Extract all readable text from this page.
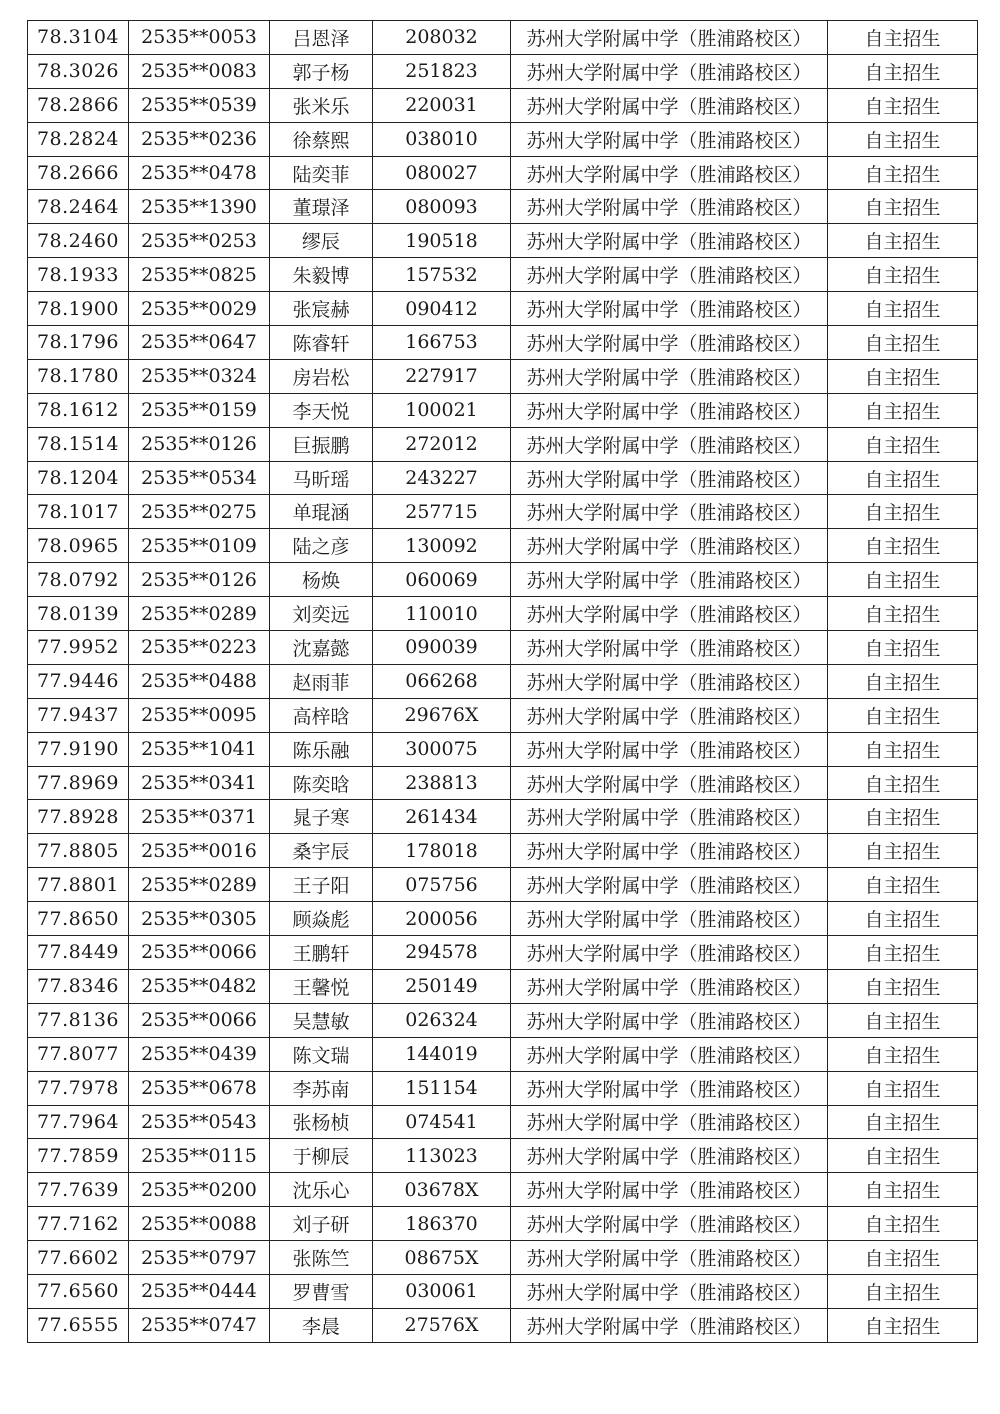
78.3104	2535**0053	吕恩泽	208032	苏州大学附属中学（胜浦路校区）	自主招生
78.3026	2535**0083	郭子杨	251823	苏州大学附属中学（胜浦路校区）	自主招生
78.2866	2535**0539	张米乐	220031	苏州大学附属中学（胜浦路校区）	自主招生
78.2824	2535**0236	徐蔡熙	038010	苏州大学附属中学（胜浦路校区）	自主招生
78.2666	2535**0478	陆奕菲	080027	苏州大学附属中学（胜浦路校区）	自主招生
78.2464	2535**1390	董璟泽	080093	苏州大学附属中学（胜浦路校区）	自主招生
78.2460	2535**0253	缪辰	190518	苏州大学附属中学（胜浦路校区）	自主招生
78.1933	2535**0825	朱毅博	157532	苏州大学附属中学（胜浦路校区）	自主招生
78.1900	2535**0029	张宸赫	090412	苏州大学附属中学（胜浦路校区）	自主招生
78.1796	2535**0647	陈睿轩	166753	苏州大学附属中学（胜浦路校区）	自主招生
78.1780	2535**0324	房岩松	227917	苏州大学附属中学（胜浦路校区）	自主招生
78.1612	2535**0159	李天悦	100021	苏州大学附属中学（胜浦路校区）	自主招生
78.1514	2535**0126	巨振鹏	272012	苏州大学附属中学（胜浦路校区）	自主招生
78.1204	2535**0534	马昕瑶	243227	苏州大学附属中学（胜浦路校区）	自主招生
78.1017	2535**0275	单琨涵	257715	苏州大学附属中学（胜浦路校区）	自主招生
78.0965	2535**0109	陆之彦	130092	苏州大学附属中学（胜浦路校区）	自主招生
78.0792	2535**0126	杨焕	060069	苏州大学附属中学（胜浦路校区）	自主招生
78.0139	2535**0289	刘奕远	110010	苏州大学附属中学（胜浦路校区）	自主招生
77.9952	2535**0223	沈嘉懿	090039	苏州大学附属中学（胜浦路校区）	自主招生
77.9446	2535**0488	赵雨菲	066268	苏州大学附属中学（胜浦路校区）	自主招生
77.9437	2535**0095	高梓晗	29676X	苏州大学附属中学（胜浦路校区）	自主招生
77.9190	2535**1041	陈乐融	300075	苏州大学附属中学（胜浦路校区）	自主招生
77.8969	2535**0341	陈奕晗	238813	苏州大学附属中学（胜浦路校区）	自主招生
77.8928	2535**0371	晁子寒	261434	苏州大学附属中学（胜浦路校区）	自主招生
77.8805	2535**0016	桑宇辰	178018	苏州大学附属中学（胜浦路校区）	自主招生
77.8801	2535**0289	王子阳	075756	苏州大学附属中学（胜浦路校区）	自主招生
77.8650	2535**0305	顾焱彪	200056	苏州大学附属中学（胜浦路校区）	自主招生
77.8449	2535**0066	王鹏轩	294578	苏州大学附属中学（胜浦路校区）	自主招生
77.8346	2535**0482	王馨悦	250149	苏州大学附属中学（胜浦路校区）	自主招生
77.8136	2535**0066	吴慧敏	026324	苏州大学附属中学（胜浦路校区）	自主招生
77.8077	2535**0439	陈文瑞	144019	苏州大学附属中学（胜浦路校区）	自主招生
77.7978	2535**0678	李苏南	151154	苏州大学附属中学（胜浦路校区）	自主招生
77.7964	2535**0543	张杨桢	074541	苏州大学附属中学（胜浦路校区）	自主招生
77.7859	2535**0115	于柳辰	113023	苏州大学附属中学（胜浦路校区）	自主招生
77.7639	2535**0200	沈乐心	03678X	苏州大学附属中学（胜浦路校区）	自主招生
77.7162	2535**0088	刘子研	186370	苏州大学附属中学（胜浦路校区）	自主招生
77.6602	2535**0797	张陈竺	08675X	苏州大学附属中学（胜浦路校区）	自主招生
77.6560	2535**0444	罗曹雪	030061	苏州大学附属中学（胜浦路校区）	自主招生
77.6555	2535**0747	李晨	27576X	苏州大学附属中学（胜浦路校区）	自主招生
